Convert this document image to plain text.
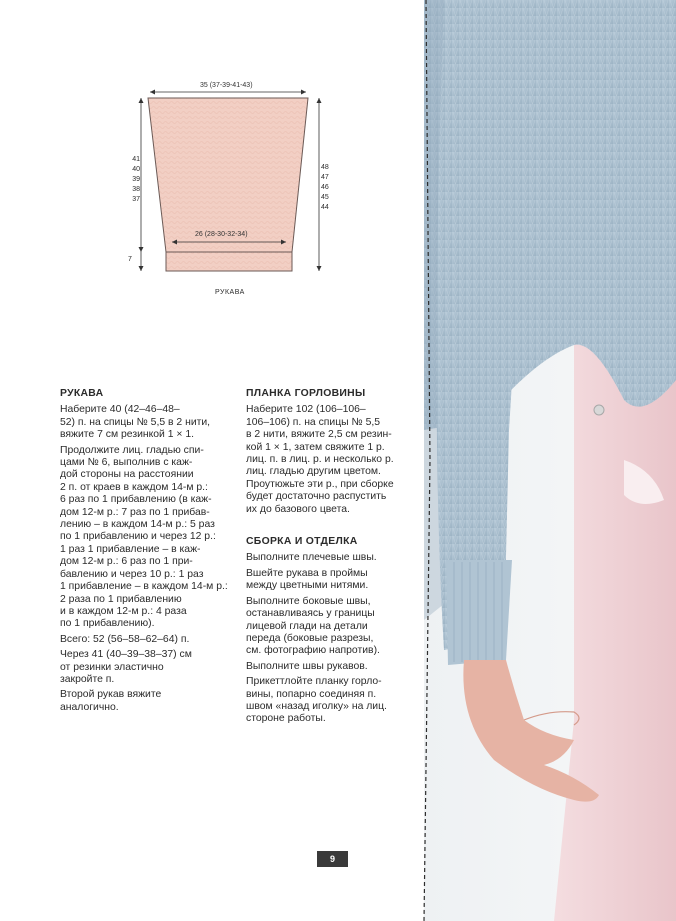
35 (37-39-41-43)
26 (28-30-32-34)
41
40
39
38
37
48
47
46
45
44
7
РУКАВА
РУКАВА

Наберите 40 (42–46–48–
52) п. на спицы № 5,5 в 2 нити,
вяжите 7 см резинкой 1 × 1.

Продолжите лиц. гладью спи-
цами № 6, выполнив с каж-
дой стороны на расстоянии
2 п. от краев в каждом 14-м р.:
6 раз по 1 прибавлению (в каж-
дом 12-м р.: 7 раз по 1 прибав-
лению – в каждом 14-м р.: 5 раз
по 1 прибавлению и через 12 р.:
1 раз 1 прибавление – в каж-
дом 12-м р.: 6 раз по 1 при-
бавлению и через 10 р.: 1 раз
1 прибавление – в каждом 14-м р.:
2 раза по 1 прибавлению
и в каждом 12-м р.: 4 раза
по 1 прибавлению).

Всего: 52 (56–58–62–64) п.

Через 41 (40–39–38–37) см
от резинки эластично
закройте п.

Второй рукав вяжите
аналогично.

ПЛАНКА ГОРЛОВИНЫ

Наберите 102 (106–106–
106–106) п. на спицы № 5,5
в 2 нити, вяжите 2,5 см резин-
кой 1 × 1, затем свяжите 1 р.
лиц. п. в лиц. р. и несколько р.
лиц. гладью другим цветом.
Проутюжьте эти р., при сборке
будет достаточно распустить
их до базового цвета.

СБОРКА И ОТДЕЛКА

Выполните плечевые швы.

Вшейте рукава в проймы
между цветными нитями.

Выполните боковые швы,
останавливаясь у границы
лицевой глади на детали
переда (боковые разрезы,
см. фотографию напротив).

Выполните швы рукавов.

Прикеттлойте планку горло-
вины, попарно соединяя п.
швом «назад иголку» на лиц.
стороне работы.

9
